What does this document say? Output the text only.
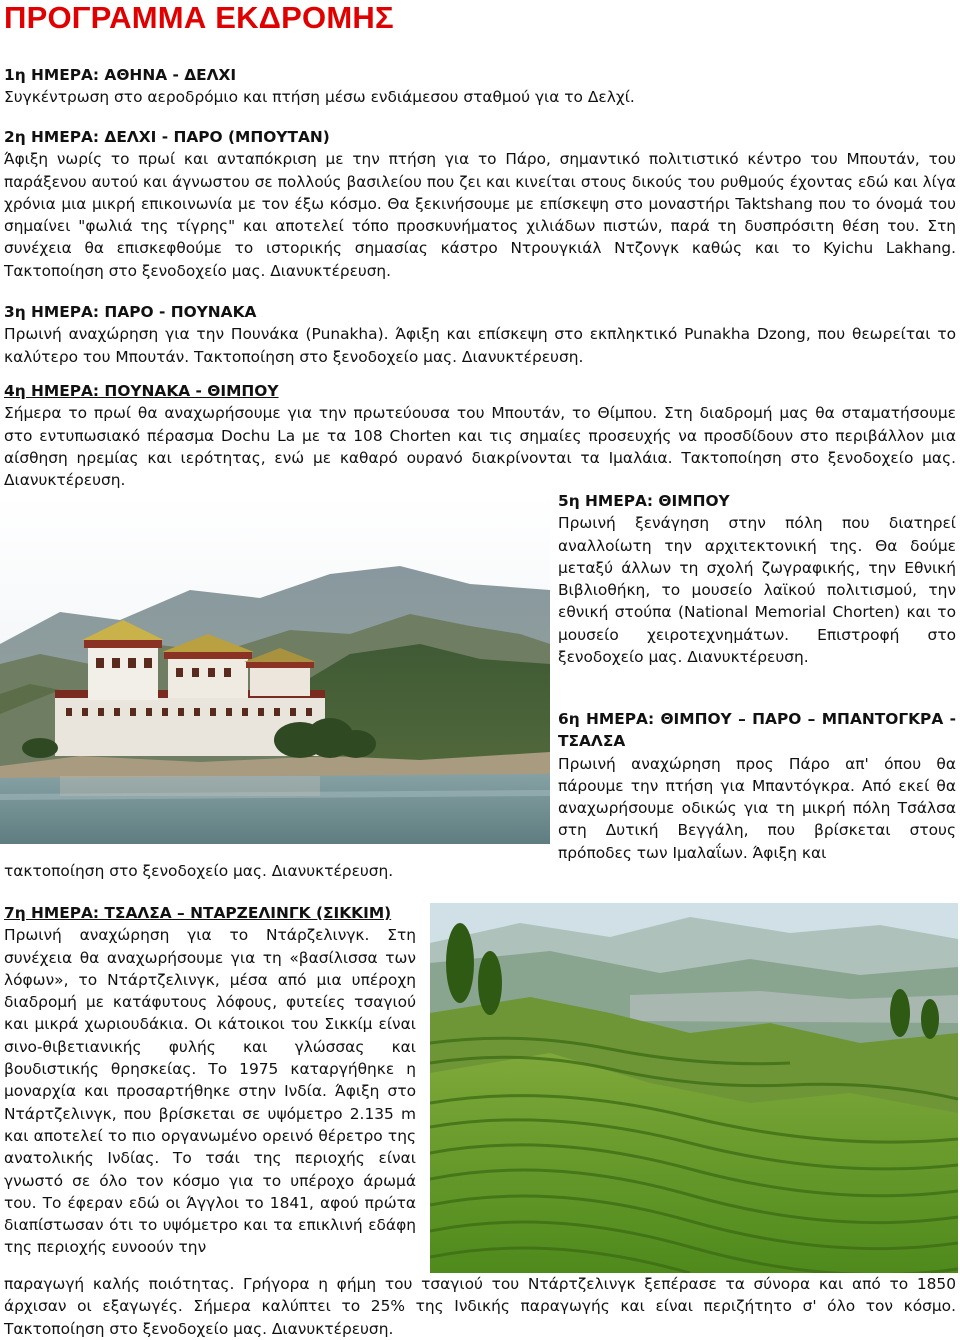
ΠΡΟΓΡΑΜΜΑ ΕΚΔΡΟΜΗΣ
1η ΗΜΕΡΑ: ΑΘΗΝΑ - ΔΕΛΧΙ
Συγκέντρωση στο αεροδρόμιο και πτήση μέσω ενδιάμεσου σταθμού για το Δελχί.
2η ΗΜΕΡΑ: ΔΕΛΧΙ - ΠΑΡΟ (ΜΠΟΥΤΑΝ)
Άφιξη νωρίς το πρωί και ανταπόκριση με την πτήση για το Πάρο, σημαντικό πολιτιστικό κέντρο του Μπουτάν, του παράξενου αυτού και άγνωστου σε πολλούς βασιλείου που ζει και κινείται στους δικούς του ρυθμούς έχοντας εδώ και λίγα χρόνια μια μικρή επικοινωνία με τον έξω κόσμο. Θα ξεκινήσουμε με επίσκεψη στο μοναστήρι Taktshang που το όνομά του σημαίνει "φωλιά της τίγρης" και αποτελεί τόπο προσκυνήματος χιλιάδων πιστών, παρά τη δυσπρόσιτη θέση του. Στη συνέχεια θα επισκεφθούμε το ιστορικής σημασίας κάστρο Ντρουγκιάλ Ντζονγκ καθώς και το Kyichu Lakhang. Τακτοποίηση στο ξενοδοχείο μας. Διανυκτέρευση.
3η ΗΜΕΡΑ: ΠΑΡΟ - ΠΟΥΝΑΚΑ
Πρωινή αναχώρηση για την Πουνάκα (Punakha). Άφιξη και επίσκεψη στο εκπληκτικό Punakha Dzong, που θεωρείται το καλύτερο του Μπουτάν. Τακτοποίηση στο ξενοδοχείο μας. Διανυκτέρευση.
4η ΗΜΕΡΑ: ΠΟΥΝΑΚΑ - ΘΙΜΠΟΥ
Σήμερα το πρωί θα αναχωρήσουμε για την πρωτεύουσα του Μπουτάν, το Θίμπου. Στη διαδρομή μας θα σταματήσουμε στο εντυπωσιακό πέρασμα Dochu La με τα 108 Chorten και τις σημαίες προσευχής να προσδίδουν στο περιβάλλον μια αίσθηση ηρεμίας και ιερότητας, ενώ με καθαρό ουρανό διακρίνονται τα Ιμαλάια. Τακτοποίηση στο ξενοδοχείο μας. Διανυκτέρευση.
5η ΗΜΕΡΑ: ΘΙΜΠΟΥ
Πρωινή ξενάγηση στην πόλη που διατηρεί αναλλοίωτη την αρχιτεκτονική της. Θα δούμε μεταξύ άλλων τη σχολή ζωγραφικής, την Εθνική Βιβλιοθήκη, το μουσείο λαϊκού πολιτισμού, την εθνική στούπα (National Memorial Chorten) και το μουσείο χειροτεχνημάτων. Επιστροφή στο ξενοδοχείο μας. Διανυκτέρευση.
6η ΗΜΕΡΑ: ΘΙΜΠΟΥ – ΠΑΡΟ – ΜΠΑΝΤΟΓΚΡΑ - ΤΣΑΛΣΑ
Πρωινή αναχώρηση προς Πάρο απ' όπου θα πάρουμε την πτήση για Μπαντόγκρα. Από εκεί θα αναχωρήσουμε οδικώς για τη μικρή πόλη Τσάλσα στη Δυτική Βεγγάλη, που βρίσκεται στους πρόποδες των Ιμαλαΐων. Άφιξη και
τακτοποίηση στο ξενοδοχείο μας. Διανυκτέρευση.
7η ΗΜΕΡΑ: ΤΣΑΛΣΑ – ΝΤΑΡΖΕΛΙΝΓΚ (ΣΙΚΚΙΜ)
Πρωινή αναχώρηση για το Ντάρζελινγκ. Στη συνέχεια θα αναχωρήσουμε για τη «βασίλισσα των λόφων», το Ντάρτζελινγκ, μέσα από μια υπέροχη διαδρομή με κατάφυτους λόφους, φυτείες τσαγιού και μικρά χωριουδάκια. Οι κάτοικοι του Σικκίμ είναι σινο-θιβετιανικής φυλής και γλώσσας και βουδιστικής θρησκείας. Το 1975 καταργήθηκε η μοναρχία και προσαρτήθηκε στην Ινδία. Άφιξη στο Ντάρτζελινγκ, που βρίσκεται σε υψόμετρο 2.135 m και αποτελεί το πιο οργανωμένο ορεινό θέρετρο της ανατολικής Ινδίας. Το τσάι της περιοχής είναι γνωστό σε όλο τον κόσμο για το υπέροχο άρωμά του. Το έφεραν εδώ οι Άγγλοι το 1841, αφού πρώτα διαπίστωσαν ότι το υψόμετρο και τα επικλινή εδάφη της περιοχής ευνοούν την
παραγωγή καλής ποιότητας. Γρήγορα η φήμη του τσαγιού του Ντάρτζελινγκ ξεπέρασε τα σύνορα και από το 1850 άρχισαν οι εξαγωγές. Σήμερα καλύπτει το 25% της Ινδικής παραγωγής και είναι περιζήτητο σ' όλο τον κόσμο. Τακτοποίηση στο ξενοδοχείο μας. Διανυκτέρευση.
